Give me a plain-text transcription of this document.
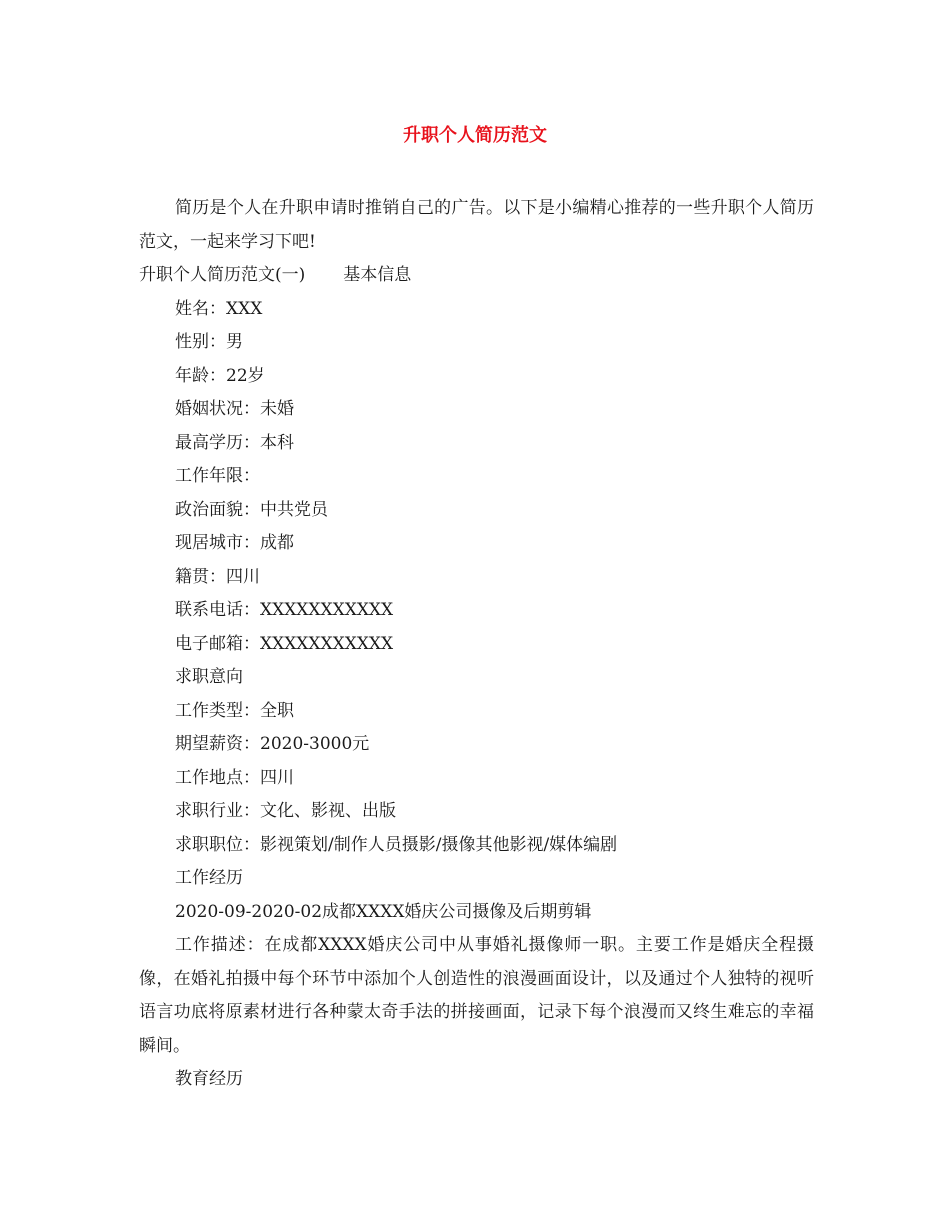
升职个人简历范文

简历是个人在升职申请时推销自己的广告。以下是小编精心推荐的一些升职个人简历范文，一起来学习下吧!

升职个人简历范文(一) 基本信息

姓名：XXX

性别：男

年龄：22岁

婚姻状况：未婚

最高学历：本科

工作年限：

政治面貌：中共党员

现居城市：成都

籍贯：四川

联系电话：XXXXXXXXXXX

电子邮箱：XXXXXXXXXXX

求职意向

工作类型：全职

期望薪资：2020-3000元

工作地点：四川

求职行业：文化、影视、出版

求职职位：影视策划/制作人员摄影/摄像其他影视/媒体编剧

工作经历

2020-09-2020-02成都XXXX婚庆公司摄像及后期剪辑

工作描述：在成都XXXX婚庆公司中从事婚礼摄像师一职。主要工作是婚庆全程摄像，在婚礼拍摄中每个环节中添加个人创造性的浪漫画面设计，以及通过个人独特的视听语言功底将原素材进行各种蒙太奇手法的拼接画面，记录下每个浪漫而又终生难忘的幸福瞬间。

教育经历
